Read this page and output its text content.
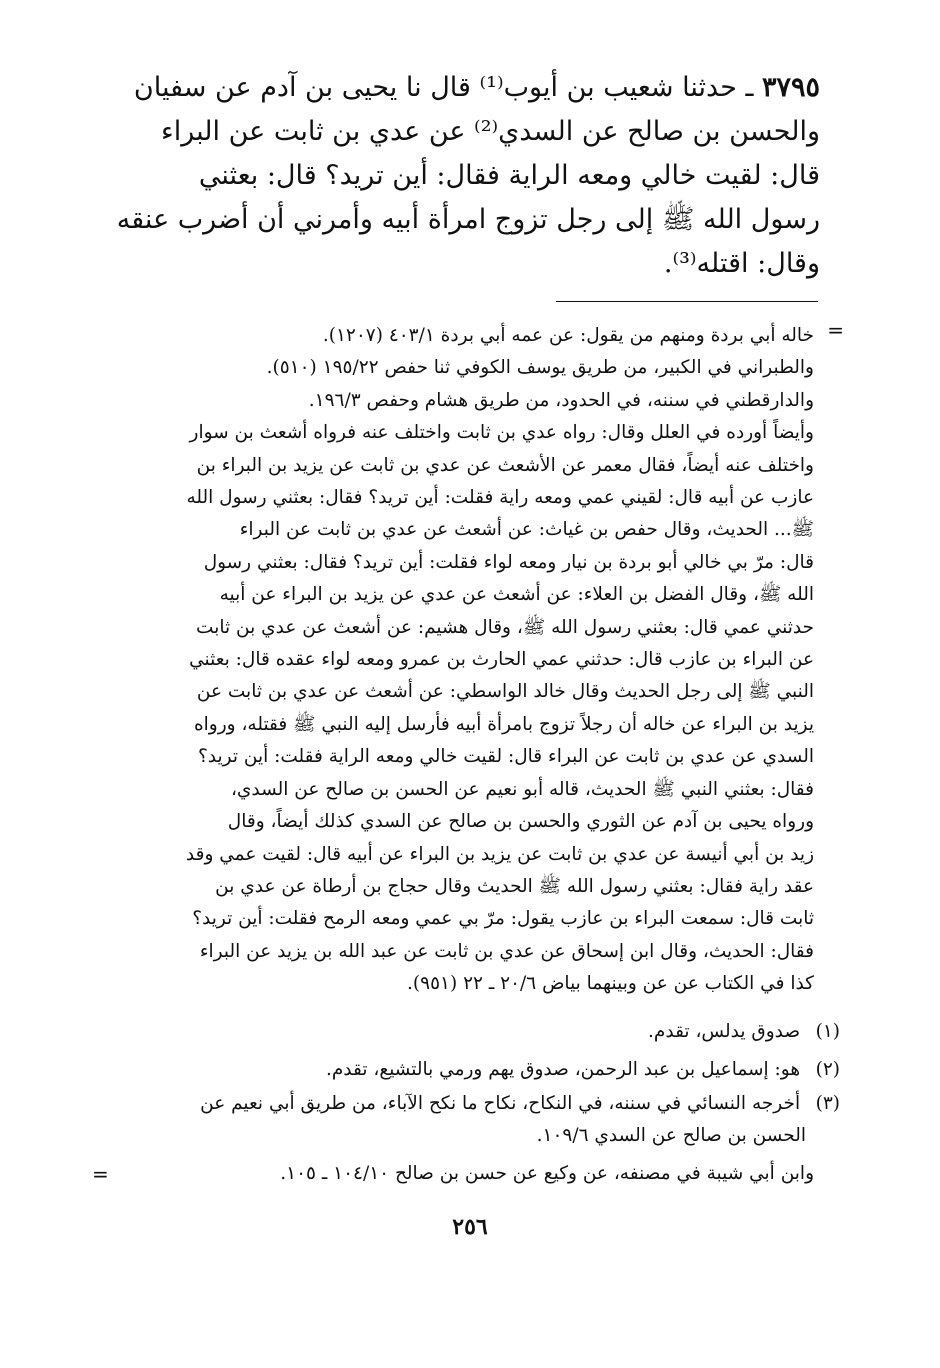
٣٧٩٥ ـ حدثنا شعيب بن أيوب⁽¹⁾ قال نا يحيى بن آدم عن سفيان
والحسن بن صالح عن السدي⁽²⁾ عن عدي بن ثابت عن البراء
قال: لقيت خالي ومعه الراية فقال: أين تريد؟ قال: بعثني
رسول الله ﷺ إلى رجل تزوج امرأة أبيه وأمرني أن أضرب عنقه
وقال: اقتله⁽³⁾.
=
خاله أبي بردة ومنهم من يقول: عن عمه أبي بردة ٤٠٣/١ (١٢٠٧).
والطبراني في الكبير، من طريق يوسف الكوفي ثنا حفص ١٩٥/٢٢ (٥١٠).
والدارقطني في سننه، في الحدود، من طريق هشام وحفص ١٩٦/٣.
وأيضاً أورده في العلل وقال: رواه عدي بن ثابت واختلف عنه فرواه أشعث بن سوار
واختلف عنه أيضاً، فقال معمر عن الأشعث عن عدي بن ثابت عن يزيد بن البراء بن
عازب عن أبيه قال: لقيني عمي ومعه راية فقلت: أين تريد؟ فقال: بعثني رسول الله
ﷺ... الحديث، وقال حفص بن غياث: عن أشعث عن عدي بن ثابت عن البراء
قال: مرّ بي خالي أبو بردة بن نيار ومعه لواء فقلت: أين تريد؟ فقال: بعثني رسول
الله ﷺ، وقال الفضل بن العلاء: عن أشعث عن عدي عن يزيد بن البراء عن أبيه
حدثني عمي قال: بعثني رسول الله ﷺ، وقال هشيم: عن أشعث عن عدي بن ثابت
عن البراء بن عازب قال: حدثني عمي الحارث بن عمرو ومعه لواء عقده قال: بعثني
النبي ﷺ إلى رجل الحديث وقال خالد الواسطي: عن أشعث عن عدي بن ثابت عن
يزيد بن البراء عن خاله أن رجلاً تزوج بامرأة أبيه فأرسل إليه النبي ﷺ فقتله، ورواه
السدي عن عدي بن ثابت عن البراء قال: لقيت خالي ومعه الراية فقلت: أين تريد؟
فقال: بعثني النبي ﷺ الحديث، قاله أبو نعيم عن الحسن بن صالح عن السدي،
ورواه يحيى بن آدم عن الثوري والحسن بن صالح عن السدي كذلك أيضاً، وقال
زيد بن أبي أنيسة عن عدي بن ثابت عن يزيد بن البراء عن أبيه قال: لقيت عمي وقد
عقد راية فقال: بعثني رسول الله ﷺ الحديث وقال حجاج بن أرطاة عن عدي بن
ثابت قال: سمعت البراء بن عازب يقول: مرّ بي عمي ومعه الرمح فقلت: أين تريد؟
فقال: الحديث، وقال ابن إسحاق عن عدي بن ثابت عن عبد الله بن يزيد عن البراء
كذا في الكتاب عن عن وبينهما بياض ٢٠/٦ ـ ٢٢ (٩٥١).
(١) صدوق يدلس، تقدم.
(٢) هو: إسماعيل بن عبد الرحمن، صدوق يهم ورمي بالتشيع، تقدم.
(٣) أخرجه النسائي في سننه، في النكاح، نكاح ما نكح الآباء، من طريق أبي نعيم عن
الحسن بن صالح عن السدي ١٠٩/٦.
وابن أبي شيبة في مصنفه، عن وكيع عن حسن بن صالح ١٠٤/١٠ ـ ١٠٥.
=
٢٥٦
